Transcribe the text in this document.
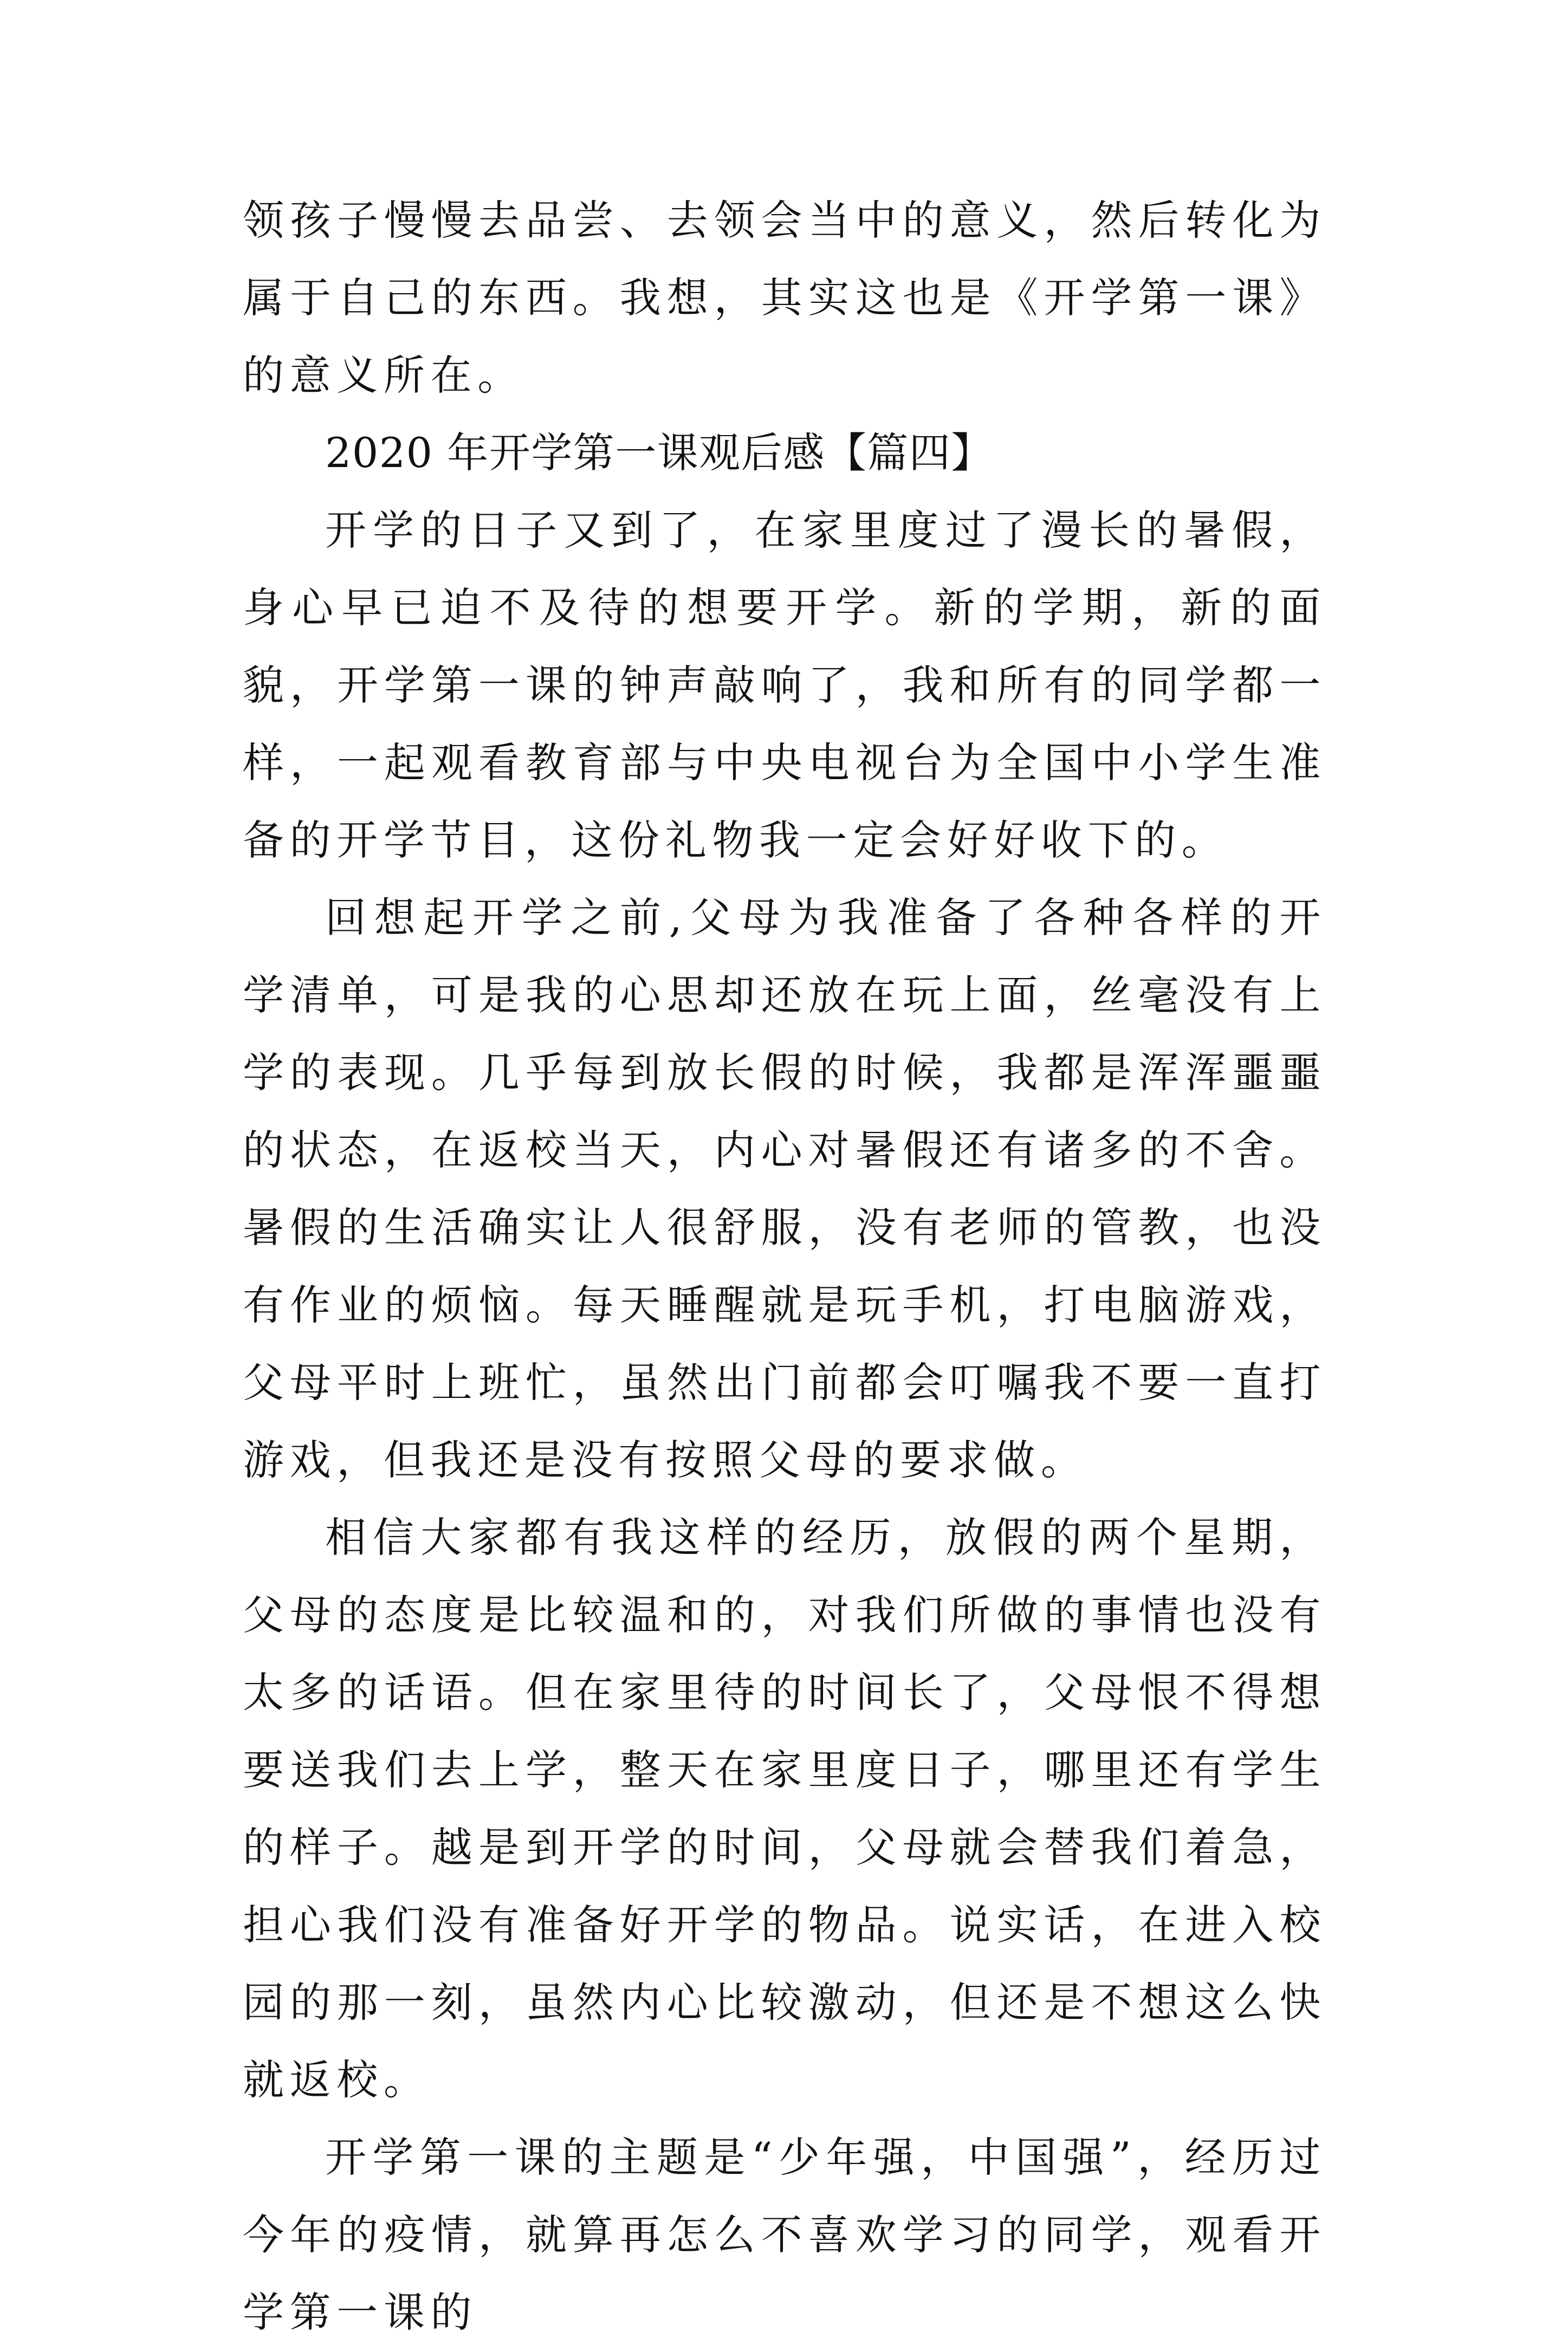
领孩子慢慢去品尝、去领会当中的意义，然后转化为属于自己的东西。我想，其实这也是《开学第一课》的意义所在。

2020 年开学第一课观后感【篇四】

开学的日子又到了，在家里度过了漫长的暑假，身心早已迫不及待的想要开学。新的学期，新的面貌，开学第一课的钟声敲响了，我和所有的同学都一样，一起观看教育部与中央电视台为全国中小学生准备的开学节目，这份礼物我一定会好好收下的。

回想起开学之前,父母为我准备了各种各样的开学清单，可是我的心思却还放在玩上面，丝毫没有上学的表现。几乎每到放长假的时候，我都是浑浑噩噩的状态，在返校当天，内心对暑假还有诸多的不舍。暑假的生活确实让人很舒服，没有老师的管教，也没有作业的烦恼。每天睡醒就是玩手机，打电脑游戏，父母平时上班忙，虽然出门前都会叮嘱我不要一直打游戏，但我还是没有按照父母的要求做。

相信大家都有我这样的经历，放假的两个星期，父母的态度是比较温和的，对我们所做的事情也没有太多的话语。但在家里待的时间长了，父母恨不得想要送我们去上学，整天在家里度日子，哪里还有学生的样子。越是到开学的时间，父母就会替我们着急，担心我们没有准备好开学的物品。说实话，在进入校园的那一刻，虽然内心比较激动，但还是不想这么快就返校。

开学第一课的主题是“少年强，中国强”，经历过今年的疫情，就算再怎么不喜欢学习的同学，观看开学第一课的
